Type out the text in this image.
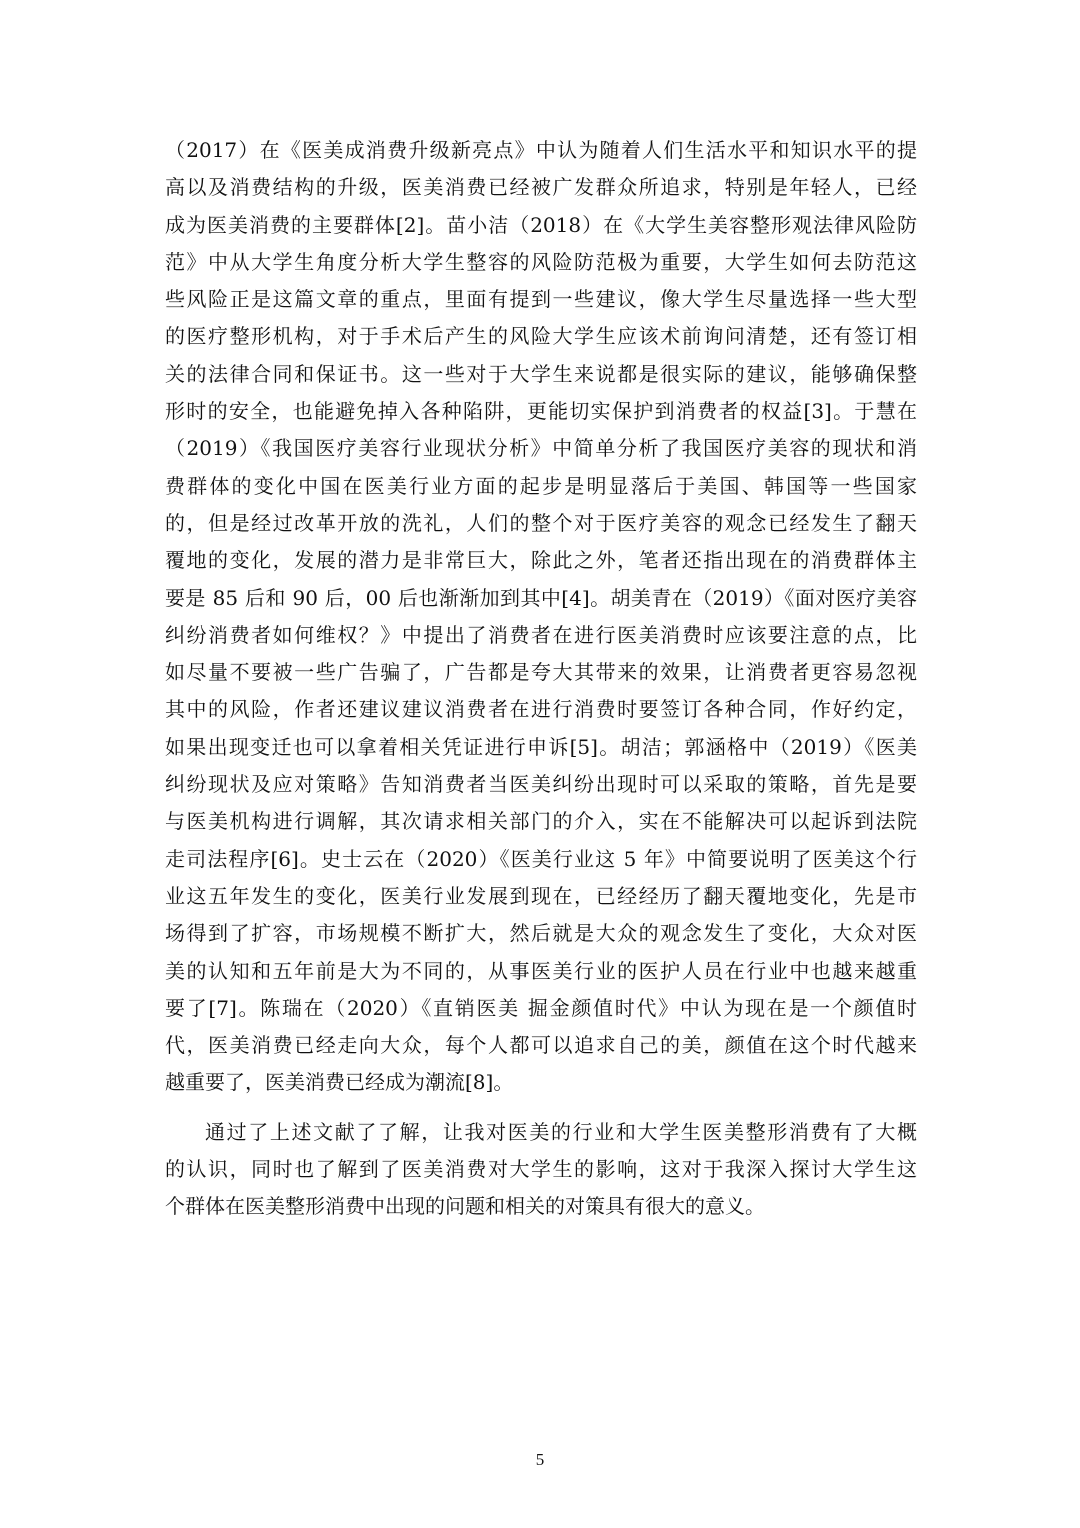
（2017）在《医美成消费升级新亮点》中认为随着人们生活水平和知识水平的提
高以及消费结构的升级，医美消费已经被广发群众所追求，特别是年轻人，已经
成为医美消费的主要群体[2]。苗小洁（2018）在《大学生美容整形观法律风险防
范》中从大学生角度分析大学生整容的风险防范极为重要，大学生如何去防范这
些风险正是这篇文章的重点，里面有提到一些建议，像大学生尽量选择一些大型
的医疗整形机构，对于手术后产生的风险大学生应该术前询问清楚，还有签订相
关的法律合同和保证书。这一些对于大学生来说都是很实际的建议，能够确保整
形时的安全，也能避免掉入各种陷阱，更能切实保护到消费者的权益[3]。于慧在
（2019）《我国医疗美容行业现状分析》中简单分析了我国医疗美容的现状和消
费群体的变化中国在医美行业方面的起步是明显落后于美国、韩国等一些国家
的，但是经过改革开放的洗礼，人们的整个对于医疗美容的观念已经发生了翻天
覆地的变化，发展的潜力是非常巨大，除此之外，笔者还指出现在的消费群体主
要是 85 后和 90 后，00 后也渐渐加到其中[4]。胡美青在（2019）《面对医疗美容
纠纷消费者如何维权？》中提出了消费者在进行医美消费时应该要注意的点，比
如尽量不要被一些广告骗了，广告都是夸大其带来的效果，让消费者更容易忽视
其中的风险，作者还建议建议消费者在进行消费时要签订各种合同，作好约定，
如果出现变迁也可以拿着相关凭证进行申诉[5]。胡洁；郭涵格中（2019）《医美
纠纷现状及应对策略》告知消费者当医美纠纷出现时可以采取的策略，首先是要
与医美机构进行调解，其次请求相关部门的介入，实在不能解决可以起诉到法院
走司法程序[6]。史士云在（2020）《医美行业这 5 年》中简要说明了医美这个行
业这五年发生的变化，医美行业发展到现在，已经经历了翻天覆地变化，先是市
场得到了扩容，市场规模不断扩大，然后就是大众的观念发生了变化，大众对医
美的认知和五年前是大为不同的，从事医美行业的医护人员在行业中也越来越重
要了[7]。陈瑞在（2020）《直销医美 掘金颜值时代》中认为现在是一个颜值时
代，医美消费已经走向大众，每个人都可以追求自己的美，颜值在这个时代越来
越重要了，医美消费已经成为潮流[8]。
通过了上述文献了了解，让我对医美的行业和大学生医美整形消费有了大概
的认识，同时也了解到了医美消费对大学生的影响，这对于我深入探讨大学生这
个群体在医美整形消费中出现的问题和相关的对策具有很大的意义。
5
